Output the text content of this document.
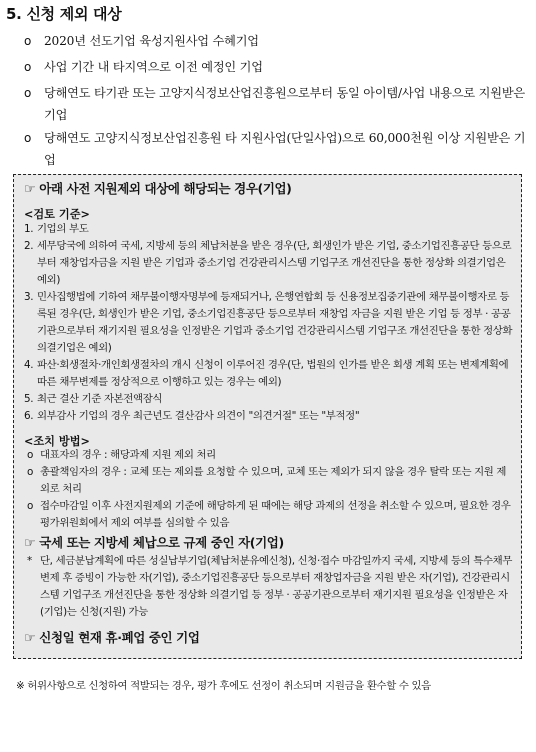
5. 신청 제외 대상
o 2020년 선도기업 육성지원사업 수혜기업
o 사업 기간 내 타지역으로 이전 예정인 기업
o 당해연도 타기관 또는 고양지식정보산업진흥원으로부터 동일 아이템/사업 내용으로 지원받은 기업
o 당해연도 고양지식정보산업진흥원 타 지원사업(단일사업)으로 60,000천원 이상 지원받은 기업
☞ 아래 사전 지원제외 대상에 해당되는 경우(기업)
<검토 기준>
1. 기업의 부도
2. 세무당국에 의하여 국세, 지방세 등의 체납처분을 받은 경우(단, 회생인가 받은 기업, 중소기업진흥공단 등으로부터 재창업자금을 지원 받은 기업과 중소기업 건강관리시스템 기업구조 개선진단을 통한 정상화 의결기업은 예외)
3. 민사집행법에 기하여 채무불이행자명부에 등재되거나, 은행연합회 등 신용정보집중기관에 채무불이행자로 등록된 경우(단, 회생인가 받은 기업, 중소기업진흥공단 등으로부터 재창업 자금을 지원 받은 기업 등 정부 · 공공기관으로부터 재기지원 필요성을 인정받은 기업과 중소기업 건강관리시스템 기업구조 개선진단을 통한 정상화 의결기업은 예외)
4. 파산·회생절차·개인회생절차의 개시 신청이 이루어진 경우(단, 법원의 인가를 받은 회생 계획 또는 변제계획에 따른 채무변제를 정상적으로 이행하고 있는 경우는 예외)
5. 최근 결산 기준 자본전액잠식
6. 외부감사 기업의 경우 최근년도 결산감사 의견이 "의견거절" 또는 "부적정"
<조치 방법>
o 대표자의 경우 : 해당과제 지원 제외 처리
o 총괄책임자의 경우 : 교체 또는 제외를 요청할 수 있으며, 교체 또는 제외가 되지 않을 경우 탈락 또는 지원 제외로 처리
o 접수마감일 이후 사전지원제외 기준에 해당하게 된 때에는 해당 과제의 선정을 취소할 수 있으며, 필요한 경우 평가위원회에서 제외 여부를 심의할 수 있음
☞ 국세 또는 지방세 체납으로 규제 중인 자(기업)
* 단, 세금분납계획에 따른 성실납부기업(체납처분유예신청), 신청·접수 마감일까지 국세, 지방세 등의 특수채무 변제 후 증빙이 가능한 자(기업), 중소기업진흥공단 등으로부터 재창업자금을 지원 받은 자(기업), 건강관리시스템 기업구조 개선진단을 통한 정상화 의결기업 등 정부 · 공공기관으로부터 재기지원 필요성을 인정받은 자(기업)는 신청(지원) 가능
☞ 신청일 현재 휴·폐업 중인 기업
※ 허위사항으로 신청하여 적발되는 경우, 평가 후에도 선정이 취소되며 지원금을 환수할 수 있음
